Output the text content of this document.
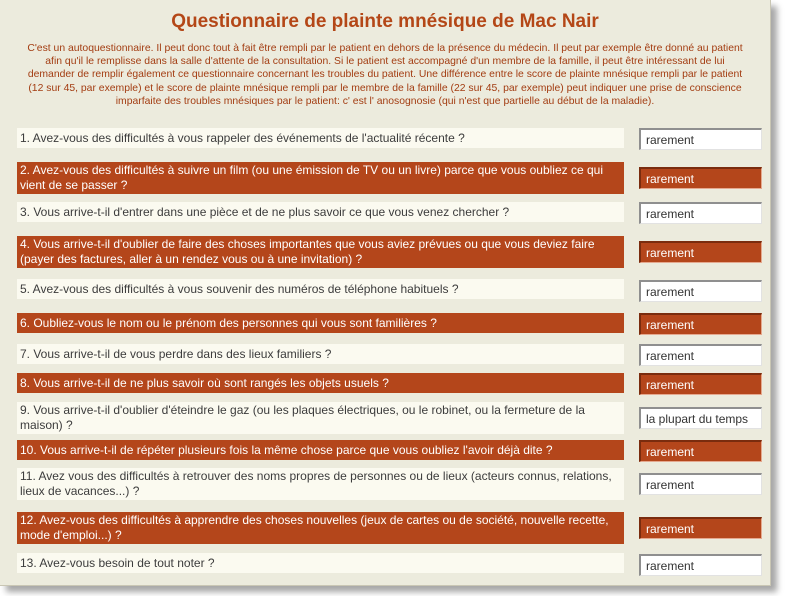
Questionnaire de plainte mnésique de Mac Nair
C'est un autoquestionnaire. Il peut donc tout à fait être rempli par le patient en dehors de la présence du médecin. Il peut par exemple être donné au patient
afin qu'il le remplisse dans la salle d'attente de la consultation. Si le patient est accompagné d'un membre de la famille, il peut être intéressant de lui
demander de remplir également ce questionnaire concernant les troubles du patient. Une différence entre le score de plainte mnésique rempli par le patient
(12 sur 45, par exemple) et le score de plainte mnésique rempli par le membre de la famille (22 sur 45, par exemple) peut indiquer une prise de conscience
imparfaite des troubles mnésiques par le patient: c' est l' anosognosie (qui n'est que partielle au début de la maladie).
1. Avez-vous des difficultés à vous rappeler des événements de l'actualité récente ?	rarement
2. Avez-vous des difficultés à suivre un film (ou une émission de TV ou un livre) parce que vous oubliez ce qui vient de se passer ?	rarement
3. Vous arrive-t-il d'entrer dans une pièce et de ne plus savoir ce que vous venez chercher ?	rarement
4. Vous arrive-t-il d'oublier de faire des choses importantes que vous aviez prévues ou que vous deviez faire (payer des factures, aller à un rendez vous ou à une invitation) ?	rarement
5. Avez-vous des difficultés à vous souvenir des numéros de téléphone habituels ?	rarement
6. Oubliez-vous le nom ou le prénom des personnes qui vous sont familières ?	rarement
7. Vous arrive-t-il de vous perdre dans des lieux familiers ?	rarement
8. Vous arrive-t-il de ne plus savoir où sont rangés les objets usuels ?	rarement
9. Vous arrive-t-il d'oublier d'éteindre le gaz (ou les plaques électriques, ou le robinet, ou la fermeture de la maison) ?	la plupart du temps
10. Vous arrive-t-il de répéter plusieurs fois la même chose parce que vous oubliez l'avoir déjà dite ?	rarement
11. Avez vous des difficultés à retrouver des noms propres de personnes ou de lieux (acteurs connus, relations, lieux de vacances...) ?	rarement
12. Avez-vous des difficultés à apprendre des choses nouvelles (jeux de cartes ou de société, nouvelle recette, mode d'emploi...) ?	rarement
13. Avez-vous besoin de tout noter ?	rarement
